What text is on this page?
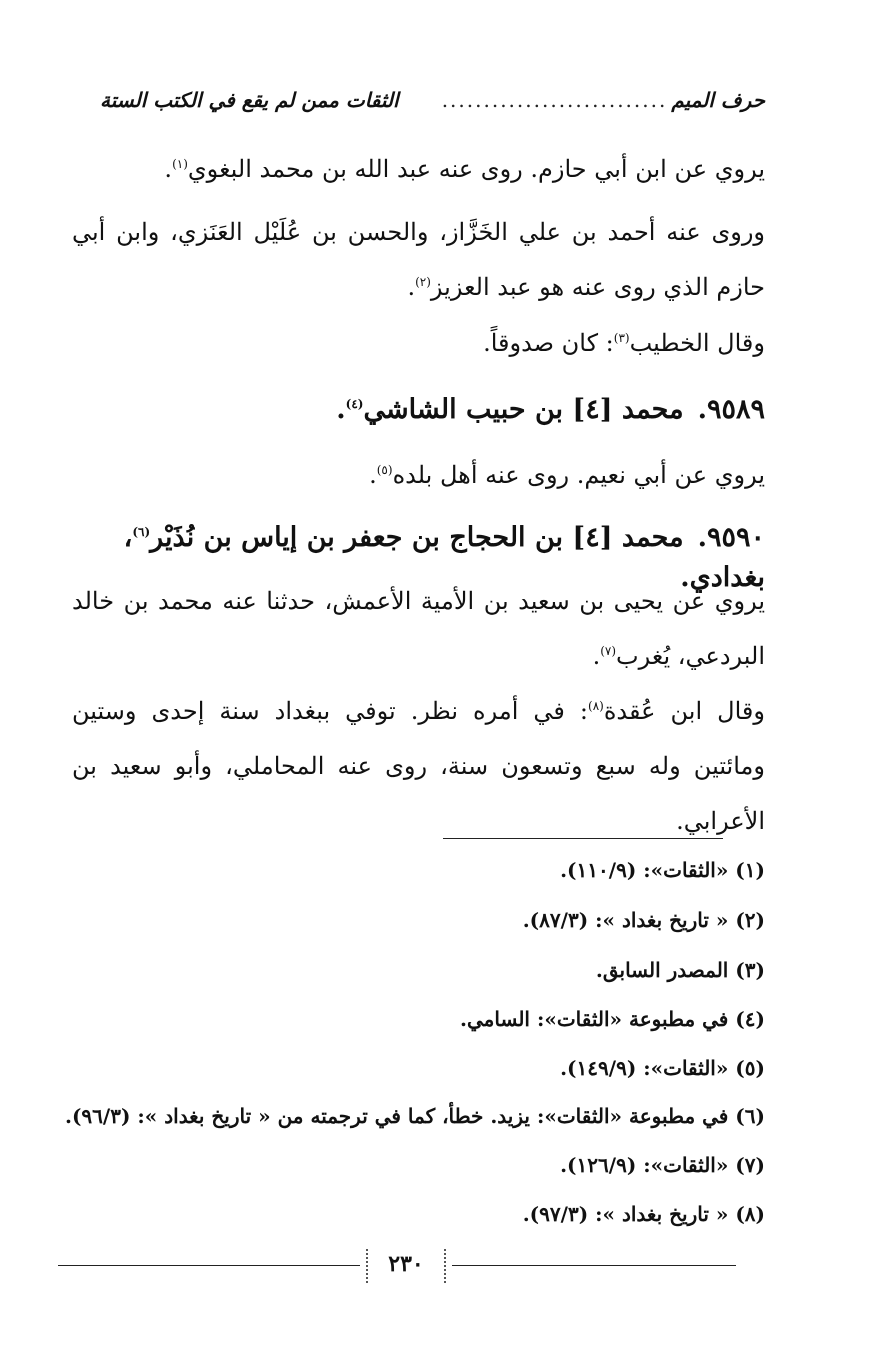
حرف الميم
...........................
الثقات ممن لم يقع في الكتب الستة
يروي عن ابن أبي حازم. روى عنه عبد الله بن محمد البغوي$^{(١)}$.
وروى عنه أحمد بن علي الخَزَّاز، والحسن بن عُلَيْل العَنَزي، وابن أبي حازم الذي روى عنه هو عبد العزيز$^{(٢)}$.
وقال الخطيب$^{(٣)}$: كان صدوقاً.
٩٥٨٩.محمد [٤] بن حبيب الشاشي$^{(٤)}$.
يروي عن أبي نعيم. روى عنه أهل بلده$^{(٥)}$.
٩٥٩٠.محمد [٤] بن الحجاج بن جعفر بن إياس بن نُذَيْر$^{(٦)}$، بغدادي.
يروي عن يحيى بن سعيد بن الأمية الأعمش، حدثنا عنه محمد بن خالد البردعي، يُغرب$^{(٧)}$.
وقال ابن عُقدة$^{(٨)}$: في أمره نظر. توفي ببغداد سنة إحدى وستين ومائتين وله سبع وتسعون سنة، روى عنه المحاملي، وأبو سعيد بن الأعرابي.
(١) «الثقات»: (١١٠/٩).
(٢) « تاريخ بغداد »: (٨٧/٣).
(٣) المصدر السابق.
(٤) في مطبوعة «الثقات»: السامي.
(٥) «الثقات»: (١٤٩/٩).
(٦) في مطبوعة «الثقات»: يزيد. خطأ، كما في ترجمته من « تاريخ بغداد »: (٩٦/٣).
(٧) «الثقات»: (١٢٦/٩).
(٨) « تاريخ بغداد »: (٩٧/٣).
٢٣٠
